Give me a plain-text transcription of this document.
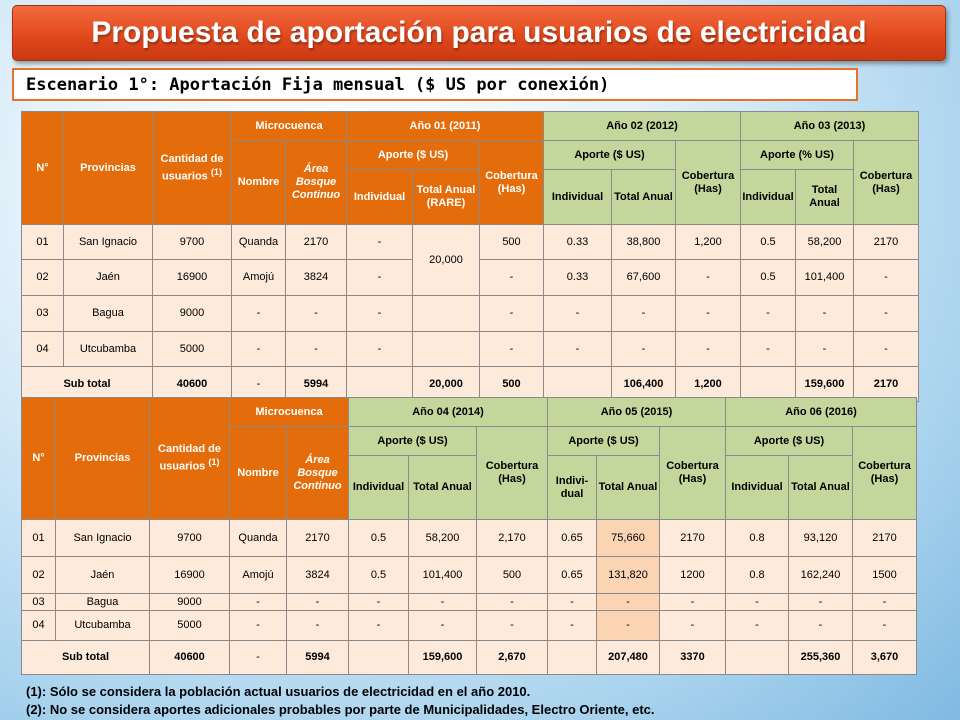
Propuesta de aportación para usuarios de electricidad
Escenario 1°: Aportación Fija mensual ($ US por conexión)
N°	Provincias	Cantidad de usuarios $^{(1)}$	Microcuenca		Año 01 (2011)			Año 02 (2012)			Año 03 (2013)		
			Nombre	Área Bosque Continuo	Aporte ($ US)		Cobertura (Has)	Aporte ($ US)		Cobertura (Has)	Aporte (% US)		Cobertura (Has)
					Individual	Total Anual (RARE)		Individual	Total Anual		Individual	Total Anual	
01	San Ignacio	9700	Quanda	2170	-	20,000	500	0.33	38,800	1,200	0.5	58,200	2170
02	Jaén	16900	Amojú	3824	-		-	0.33	67,600	-	0.5	101,400	-
03	Bagua	9000	-	-	-		-	-	-	-	-	-	-
04	Utcubamba	5000	-	-	-		-	-	-	-	-	-	-
Sub total		40600	-	5994		20,000	500		106,400	1,200		159,600	2170
N°	Provincias	Cantidad de usuarios $^{(1)}$	Microcuenca		Año 04 (2014)			Año 05 (2015)			Año 06 (2016)		
			Nombre	Área Bosque Continuo	Aporte ($ US)		Cobertura (Has)	Aporte ($ US)		Cobertura (Has)	Aporte ($ US)		Cobertura (Has)
					Individual	Total Anual		Indivi- dual	Total Anual		Individual	Total Anual	
01	San Ignacio	9700	Quanda	2170	0.5	58,200	2,170	0.65	75,660	2170	0.8	93,120	2170
02	Jaén	16900	Amojú	3824	0.5	101,400	500	0.65	131,820	1200	0.8	162,240	1500
03	Bagua	9000	-	-	-	-	-	-	-	-	-	-	-
04	Utcubamba	5000	-	-	-	-	-	-	-	-	-	-	-
Sub total		40600	-	5994		159,600	2,670		207,480	3370		255,360	3,670
(1): Sólo se considera la población actual usuarios de electricidad en el año 2010.
(2): No se considera aportes adicionales probables por parte de Municipalidades, Electro Oriente, etc.
